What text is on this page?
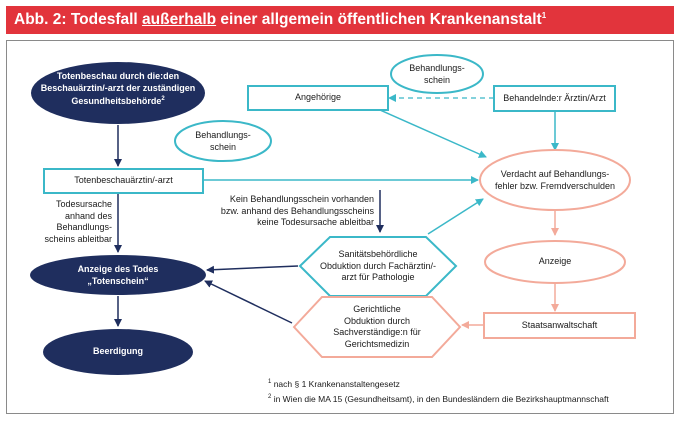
Abb. 2: Todesfall außerhalb einer allgemein öffentlichen Krankenanstalt$^1$
Totenbeschau durch die:den
Beschauärztin/-arzt der zuständigen
Gesundheitsbehörde$^2$
Anzeige des Todes
„Totenschein“
Beerdigung
Angehörige	Behandelnde:r Ärztin/Arzt
Totenbeschauärztin/-arzt
Behandlungs-
schein
Behandlungs-
schein
Sanitätsbehördliche
Obduktion durch Fachärztin/-
arzt für Pathologie
Verdacht auf Behandlungs-
fehler bzw. Fremdverschulden
Anzeige
Staatsanwaltschaft
Gerichtliche
Obduktion durch
Sachverständige:n für
Gerichtsmedizin
Todesursache
anhand des
Behandlungs-
scheins ableitbar
Kein Behandlungsschein vorhanden
bzw. anhand des Behandlungsscheins
keine Todesursache ableitbar
$^1$ nach § 1 Krankenanstaltengesetz
$^2$ in Wien die MA 15 (Gesundheitsamt), in den Bundesländern die Bezirkshauptmannschaft
